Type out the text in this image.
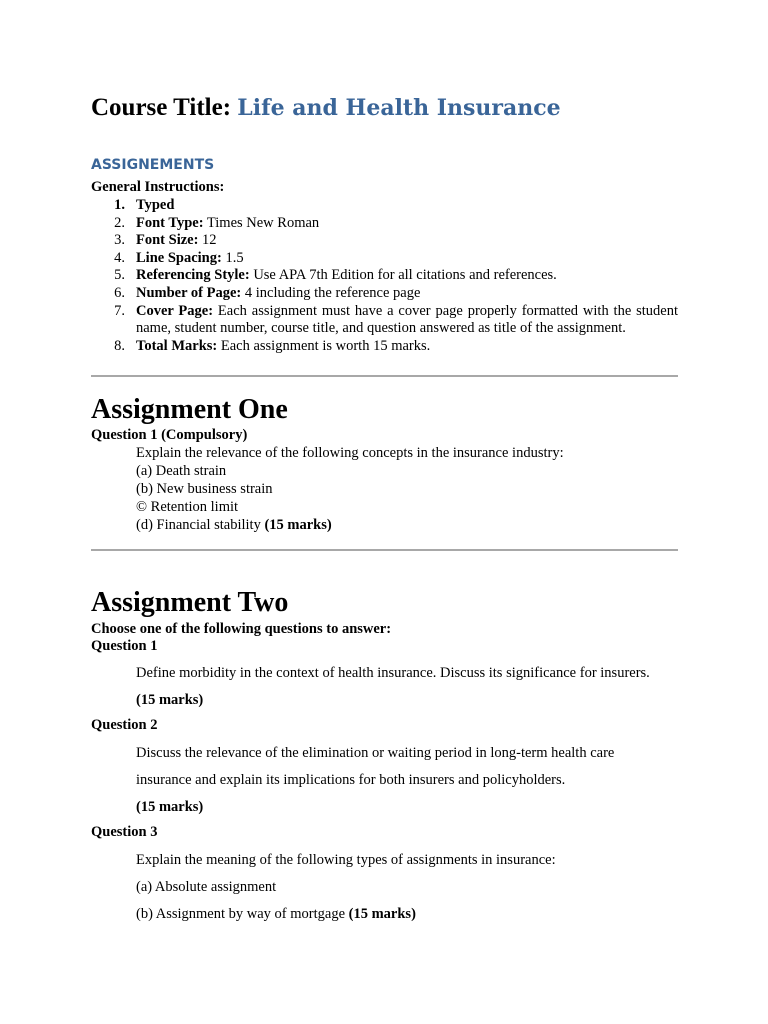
Course Title: Life and Health Insurance
ASSIGNEMENTS
General Instructions:
1. Typed
2. Font Type: Times New Roman
3. Font Size: 12
4. Line Spacing: 1.5
5. Referencing Style: Use APA 7th Edition for all citations and references.
6. Number of Page: 4 including the reference page
7. Cover Page: Each assignment must have a cover page properly formatted with the student name, student number, course title, and question answered as title of the assignment.
8. Total Marks: Each assignment is worth 15 marks.
Assignment One
Question 1 (Compulsory)
Explain the relevance of the following concepts in the insurance industry:
(a) Death strain
(b) New business strain
© Retention limit
(d) Financial stability (15 marks)
Assignment Two
Choose one of the following questions to answer:
Question 1
Define morbidity in the context of health insurance. Discuss its significance for insurers.
(15 marks)
Question 2
Discuss the relevance of the elimination or waiting period in long-term health care
insurance and explain its implications for both insurers and policyholders.
(15 marks)
Question 3
Explain the meaning of the following types of assignments in insurance:
(a) Absolute assignment
(b) Assignment by way of mortgage (15 marks)
